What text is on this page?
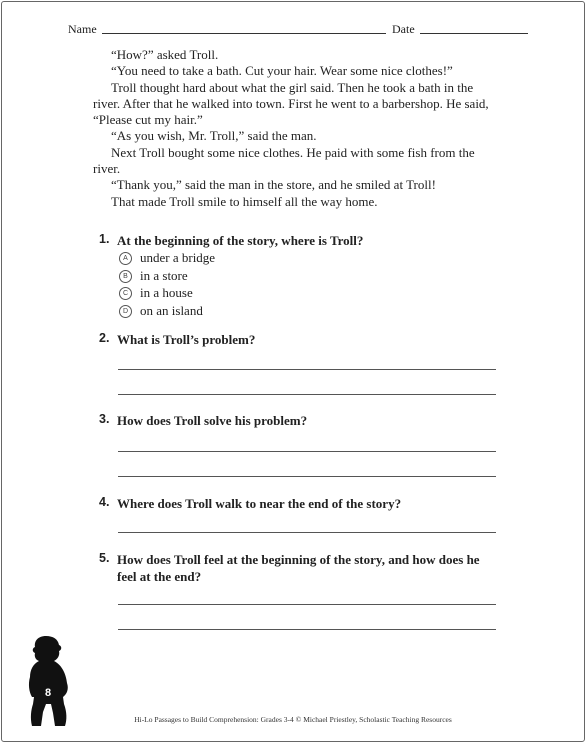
Name	Date

“How?” asked Troll.

“You need to take a bath. Cut your hair. Wear some nice clothes!”

Troll thought hard about what the girl said. Then he took a bath in the river. After that he walked into town. First he went to a barbershop. He said, “Please cut my hair.”

“As you wish, Mr. Troll,” said the man.

Next Troll bought some nice clothes. He paid with some fish from the river.

“Thank you,” said the man in the store, and he smiled at Troll!

That made Troll smile to himself all the way home.

1. At the beginning of the story, where is Troll?
A under a bridge
B in a store
C in a house
D on an island
2. What is Troll’s problem?
3. How does Troll solve his problem?
4. Where does Troll walk to near the end of the story?
5. How does Troll feel at the beginning of the story, and how does he feel at the end?
8
Hi-Lo Passages to Build Comprehension: Grades 3-4 © Michael Priestley, Scholastic Teaching Resources
